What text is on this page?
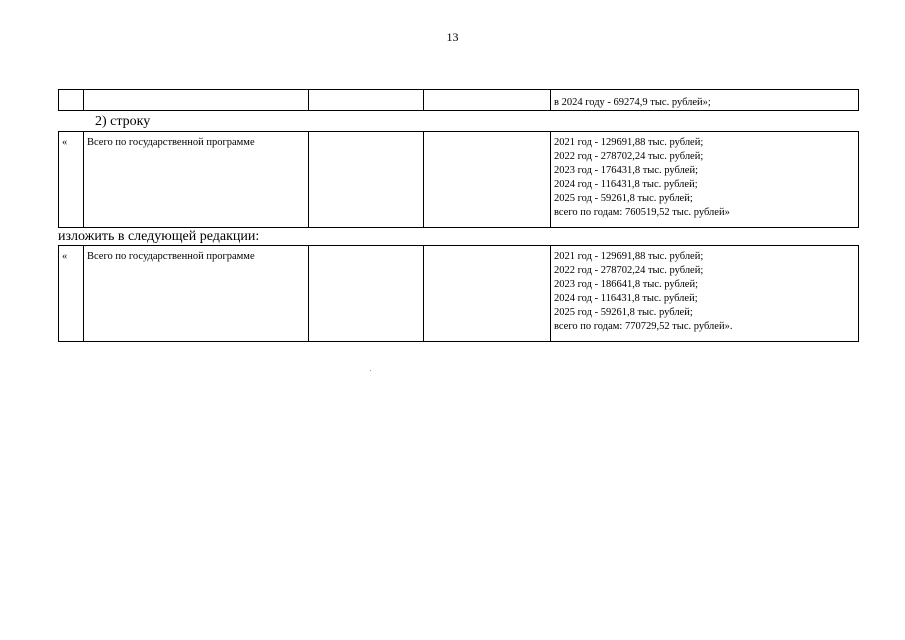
13

в 2024 году - 69274,9 тыс. рублей»;
2) строку
«	Всего по государственной программе			2021 год - 129691,88 тыс. рублей;
2022 год - 278702,24 тыс. рублей;
2023 год - 176431,8 тыс. рублей;
2024 год - 116431,8 тыс. рублей;
2025 год - 59261,8 тыс. рублей;
всего по годам: 760519,52 тыс. рублей»
изложить в следующей редакции:
«	Всего по государственной программе			2021 год - 129691,88 тыс. рублей;
2022 год - 278702,24 тыс. рублей;
2023 год - 186641,8 тыс. рублей;
2024 год - 116431,8 тыс. рублей;
2025 год - 59261,8 тыс. рублей;
всего по годам: 770729,52 тыс. рублей».
